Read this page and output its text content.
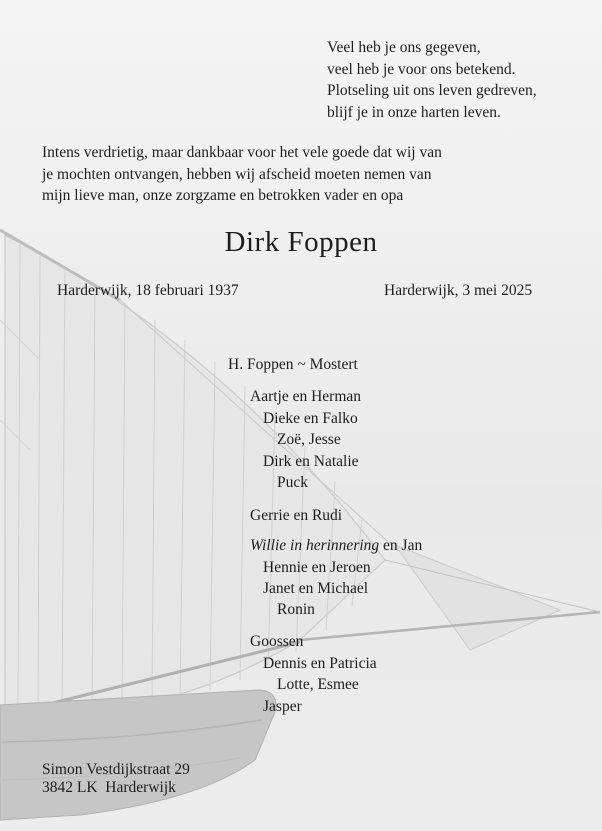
Veel heb je ons gegeven,
veel heb je voor ons betekend.
Plotseling uit ons leven gedreven,
blijf je in onze harten leven.
Intens verdrietig, maar dankbaar voor het vele goede dat wij van
je mochten ontvangen, hebben wij afscheid moeten nemen van
mijn lieve man, onze zorgzame en betrokken vader en opa
Dirk Foppen
Harderwijk, 18 februari 1937	Harderwijk, 3 mei 2025
H. Foppen ~ Mostert
Aartje en Herman
Dieke en Falko
Zoë, Jesse
Dirk en Natalie
Puck
Gerrie en Rudi
Willie in herinnering en Jan
Hennie en Jeroen
Janet en Michael
Ronin
Goossen
Dennis en Patricia
Lotte, Esmee
Jasper
Simon Vestdijkstraat 29
3842 LK  Harderwijk
